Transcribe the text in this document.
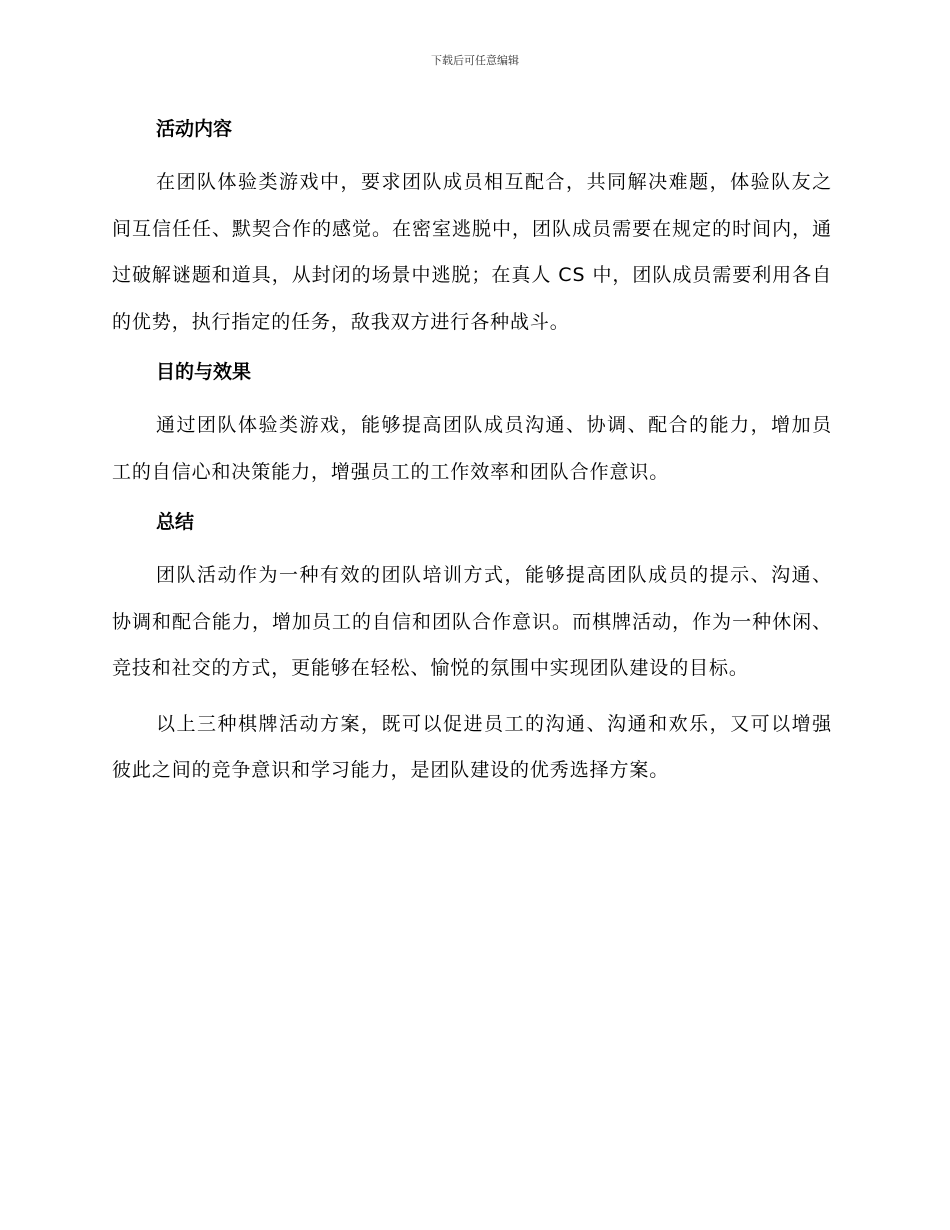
下载后可任意编辑
活动内容

在团队体验类游戏中，要求团队成员相互配合，共同解决难题，体验队友之间互信任任、默契合作的感觉。在密室逃脱中，团队成员需要在规定的时间内，通过破解谜题和道具，从封闭的场景中逃脱；在真人 CS 中，团队成员需要利用各自的优势，执行指定的任务，敌我双方进行各种战斗。

目的与效果

通过团队体验类游戏，能够提高团队成员沟通、协调、配合的能力，增加员工的自信心和决策能力，增强员工的工作效率和团队合作意识。

总结

团队活动作为一种有效的团队培训方式，能够提高团队成员的提示、沟通、协调和配合能力，增加员工的自信和团队合作意识。而棋牌活动，作为一种休闲、竞技和社交的方式，更能够在轻松、愉悦的氛围中实现团队建设的目标。

以上三种棋牌活动方案，既可以促进员工的沟通、沟通和欢乐，又可以增强彼此之间的竞争意识和学习能力，是团队建设的优秀选择方案。
